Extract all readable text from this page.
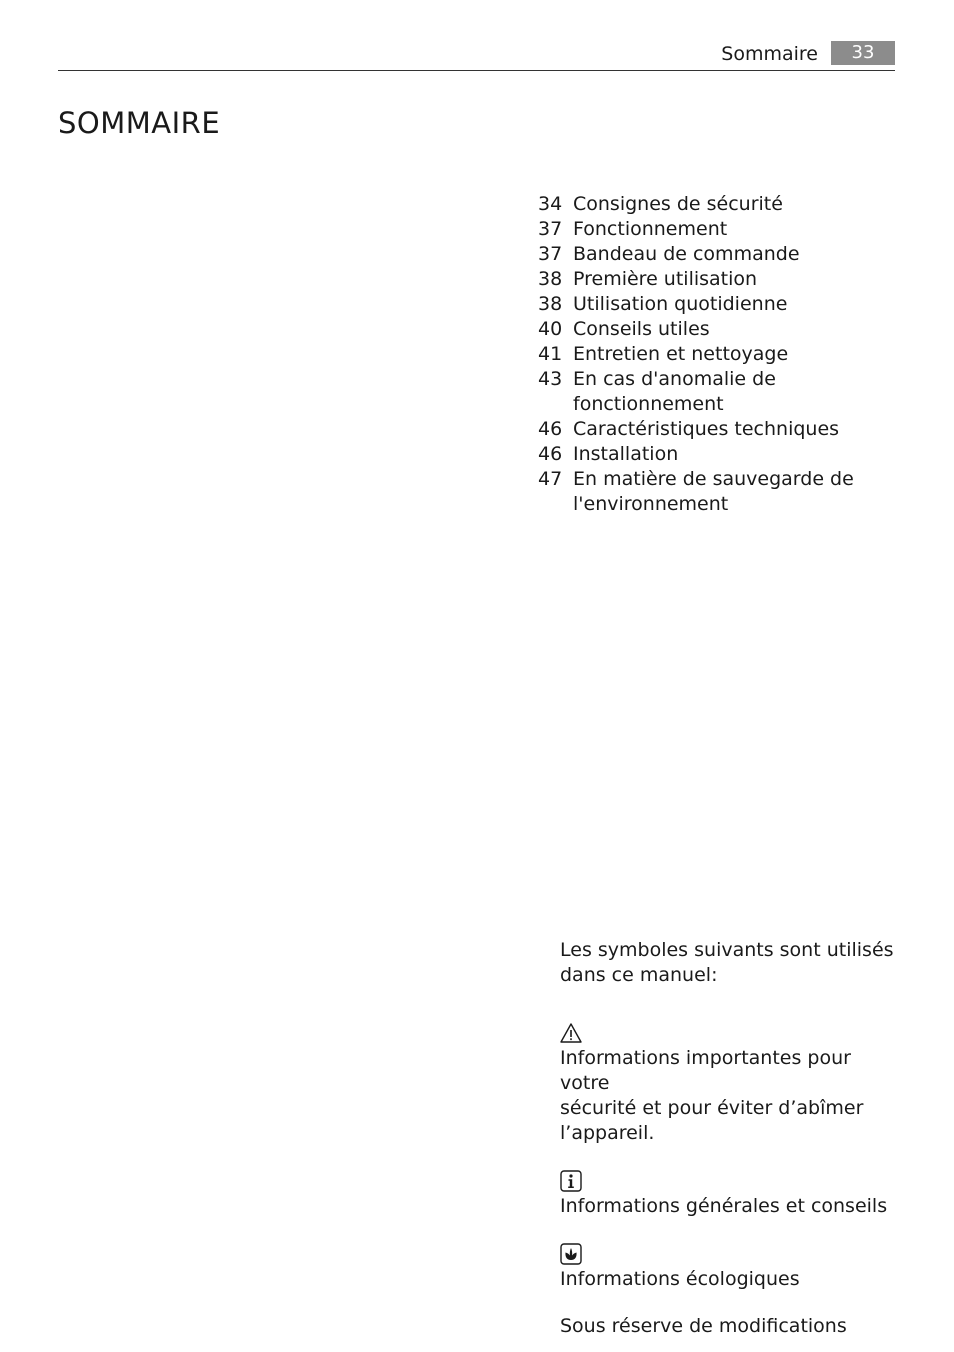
Sommaire	33
SOMMAIRE
34 Consignes de sécurité
37 Fonctionnement
37 Bandeau de commande
38 Première utilisation
38 Utilisation quotidienne
40 Conseils utiles
41 Entretien et nettoyage
43 En cas d'anomalie de
fonctionnement
46 Caractéristiques techniques
46 Installation
47 En matière de sauvegarde de
l'environnement

Les symboles suivants sont utilisés
dans ce manuel:

Informations importantes pour votre
sécurité et pour éviter d’abîmer
l’appareil.

Informations générales et conseils

Informations écologiques

Sous réserve de modifications
